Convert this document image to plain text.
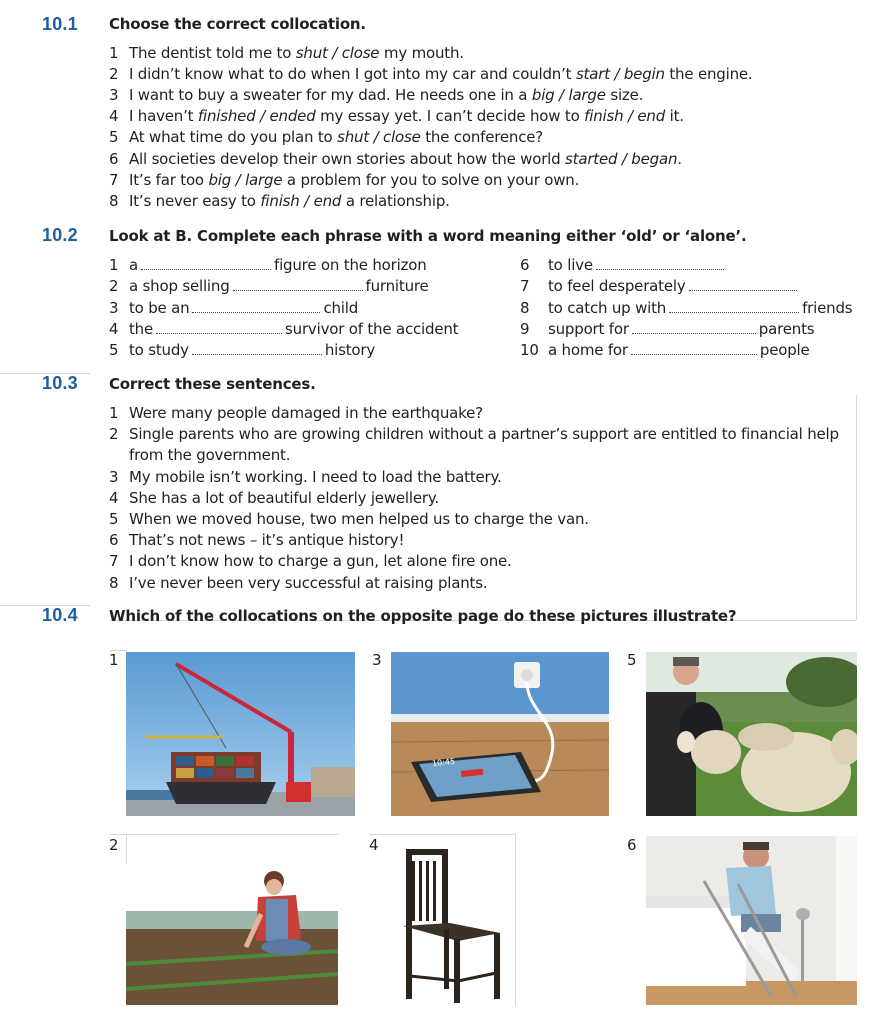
10.1 Choose the correct collocation.
1 The dentist told me to shut / close my mouth.
2 I didn’t know what to do when I got into my car and couldn’t start / begin the engine.
3 I want to buy a sweater for my dad. He needs one in a big / large size.
4 I haven’t finished / ended my essay yet. I can’t decide how to finish / end it.
5 At what time do you plan to shut / close the conference?
6 All societies develop their own stories about how the world started / began.
7 It’s far too big / large a problem for you to solve on your own.
8 It’s never easy to finish / end a relationship.
10.2 Look at B. Complete each phrase with a word meaning either ‘old’ or ‘alone’.
1 a	figure on the horizon
2 a shop selling	furniture
3 to be an	child
4 the	survivor of the accident
5 to study	history
6 to live
7 to feel desperately
8 to catch up with	friends
9 support for	parents
10 a home for	people
10.3 Correct these sentences.
1 Were many people damaged in the earthquake?
2 Single parents who are growing children without a partner’s support are entitled to financial help
from the government.
3 My mobile isn’t working. I need to load the battery.
4 She has a lot of beautiful elderly jewellery.
5 When we moved house, two men helped us to charge the van.
6 That’s not news – it’s antique history!
7 I don’t know how to charge a gun, let alone fire one.
8 I’ve never been very successful at raising plants.
10.4 Which of the collocations on the opposite page do these pictures illustrate?
1	3	5
2	4	6
10:45
